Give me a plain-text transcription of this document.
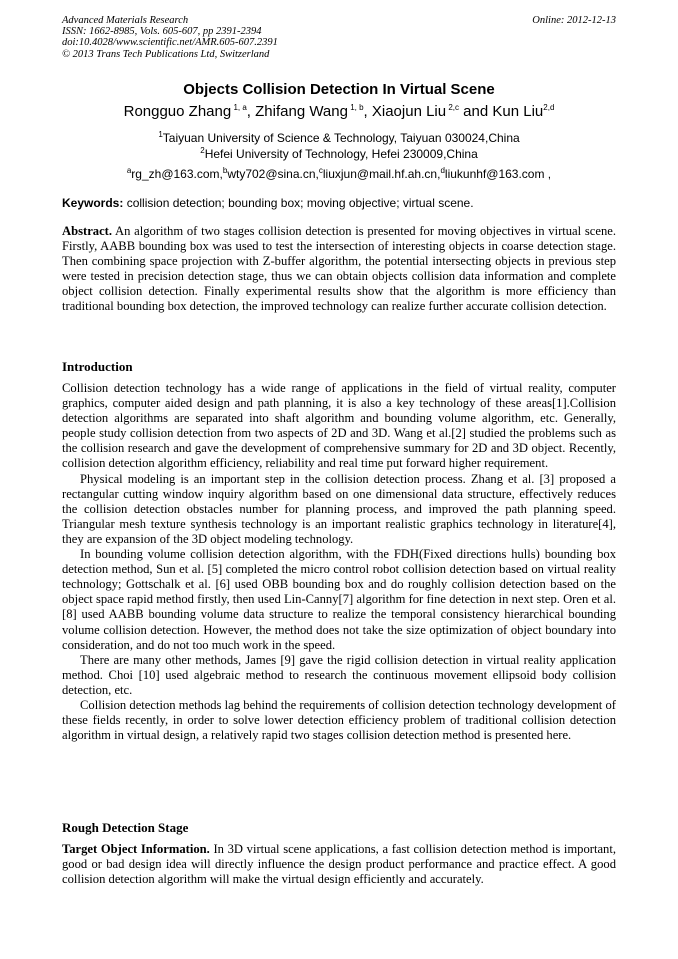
Advanced Materials Research
ISSN: 1662-8985, Vols. 605-607, pp 2391-2394
doi:10.4028/www.scientific.net/AMR.605-607.2391
© 2013 Trans Tech Publications Ltd, Switzerland
Online: 2012-12-13
Objects Collision Detection In Virtual Scene
Rongguo Zhang $^{1, a}$, Zhifang Wang $^{1, b}$, Xiaojun Liu $^{2,c}$ and Kun Liu$^{2,d}$
$^1$Taiyuan University of Science & Technology, Taiyuan 030024,China
$^2$Hefei University of Technology, Hefei 230009,China
$^a$rg_zh@163.com,$^b$wty702@sina.cn,$^c$liuxjun@mail.hf.ah.cn,$^d$liukunhf@163.com ,
Keywords: collision detection; bounding box; moving objective; virtual scene.

Abstract. An algorithm of two stages collision detection is presented for moving objectives in virtual scene. Firstly, AABB bounding box was used to test the intersection of interesting objects in coarse detection stage. Then combining space projection with Z-buffer algorithm, the potential intersecting objects in previous step were tested in precision detection stage, thus we can obtain objects collision data information and complete object collision detection. Finally experimental results show that the algorithm is more efficiency than traditional bounding box detection, the improved technology can realize further accurate collision detection.

Introduction

Collision detection technology has a wide range of applications in the field of virtual reality, computer graphics, computer aided design and path planning, it is also a key technology of these areas[1].Collision detection algorithms are separated into shaft algorithm and bounding volume algorithm, etc. Generally, people study collision detection from two aspects of 2D and 3D. Wang et al.[2] studied the problems such as the collision research and gave the development of comprehensive summary for 2D and 3D object. Recently, collision detection algorithm efficiency, reliability and real time put forward higher requirement.

Physical modeling is an important step in the collision detection process. Zhang et al. [3] proposed a rectangular cutting window inquiry algorithm based on one dimensional data structure, effectively reduces the collision detection obstacles number for planning process, and improved the path planning speed. Triangular mesh texture synthesis technology is an important realistic graphics technology in literature[4], they are expansion of the 3D object modeling technology.

In bounding volume collision detection algorithm, with the FDH(Fixed directions hulls) bounding box detection method, Sun et al. [5] completed the micro control robot collision detection based on virtual reality technology; Gottschalk et al. [6] used OBB bounding box and do roughly collision detection based on the object space rapid method firstly, then used Lin-Canny[7] algorithm for fine detection in next step. Oren et al. [8] used AABB bounding volume data structure to realize the temporal consistency hierarchical bounding volume collision detection. However, the method does not take the size optimization of object boundary into consideration, and do not too much work in the speed.

There are many other methods, James [9] gave the rigid collision detection in virtual reality application method. Choi [10] used algebraic method to research the continuous movement ellipsoid body collision detection, etc.

Collision detection methods lag behind the requirements of collision detection technology development of these fields recently, in order to solve lower detection efficiency problem of traditional collision detection algorithm in virtual design, a relatively rapid two stages collision detection method is presented here.

Rough Detection Stage

Target Object Information. In 3D virtual scene applications, a fast collision detection method is important, good or bad design idea will directly influence the design product performance and practice effect. A good collision detection algorithm will make the virtual design efficiently and accurately.
